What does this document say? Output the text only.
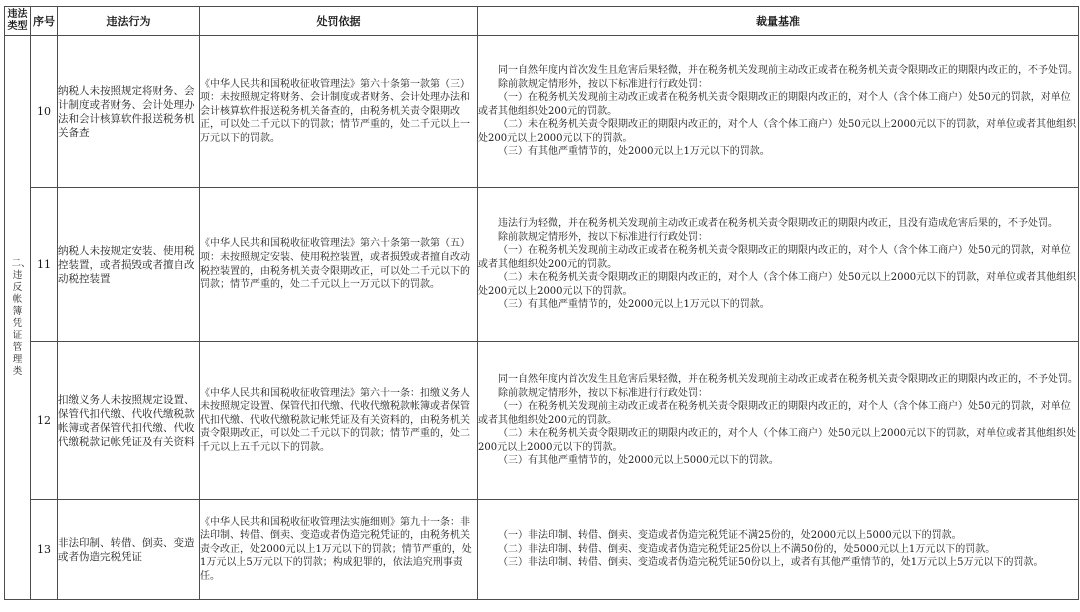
违法类型	序号	违法行为	处罚依据	裁量基准
二、违反帐簿凭证管理类	10	纳税人未按照规定将财务、会计制度或者财务、会计处理办法和会计核算软件报送税务机关备查	《中华人民共和国税收征收管理法》第六十条第一款第（三）项：未按照规定将财务、会计制度或者财务、会计处理办法和会计核算软件报送税务机关备查的，由税务机关责令限期改正，可以处二千元以下的罚款；情节严重的，处二千元以上一万元以下的罚款。	同一自然年度内首次发生且危害后果轻微，并在税务机关发现前主动改正或者在税务机关责令限期改正的期限内改正的，不予处罚。
除前款规定情形外，按以下标准进行行政处罚：
（一）在税务机关发现前主动改正或者在税务机关责令限期改正的期限内改正的，对个人（含个体工商户）处50元的罚款，对单位或者其他组织处200元的罚款。
（二）未在税务机关责令限期改正的期限内改正的，对个人（含个体工商户）处50元以上2000元以下的罚款，对单位或者其他组织处200元以上2000元以下的罚款。
（三）有其他严重情节的，处2000元以上1万元以下的罚款。

	11	纳税人未按规定安装、使用税控装置，或者损毁或者擅自改动税控装置	《中华人民共和国税收征收管理法》第六十条第一款第（五）项：未按照规定安装、使用税控装置，或者损毁或者擅自改动税控装置的，由税务机关责令限期改正，可以处二千元以下的罚款；情节严重的，处二千元以上一万元以下的罚款。	违法行为轻微，并在税务机关发现前主动改正或者在税务机关责令限期改正的期限内改正，且没有造成危害后果的，不予处罚。
除前款规定情形外，按以下标准进行行政处罚：
（一）在税务机关发现前主动改正或者在税务机关责令限期改正的期限内改正的，对个人（含个体工商户）处50元的罚款，对单位或者其他组织处200元的罚款。
（二）未在税务机关责令限期改正的期限内改正的，对个人（含个体工商户）处50元以上2000元以下的罚款，对单位或者其他组织处200元以上2000元以下的罚款。
（三）有其他严重情节的，处2000元以上1万元以下的罚款。

	12	扣缴义务人未按照规定设置、保管代扣代缴、代收代缴税款帐簿或者保管代扣代缴、代收代缴税款记帐凭证及有关资料	《中华人民共和国税收征收管理法》第六十一条：扣缴义务人未按照规定设置、保管代扣代缴、代收代缴税款帐簿或者保管代扣代缴、代收代缴税款记帐凭证及有关资料的，由税务机关责令限期改正，可以处二千元以下的罚款；情节严重的，处二千元以上五千元以下的罚款。	同一自然年度内首次发生且危害后果轻微，并在税务机关发现前主动改正或者在税务机关责令限期改正的期限内改正的，不予处罚。
除前款规定情形外，按以下标准进行行政处罚：
（一）在税务机关发现前主动改正或者在税务机关责令限期改正的期限内改正的，对个人（含个体工商户）处50元的罚款，对单位或者其他组织处200元的罚款。
（二）未在税务机关责令限期改正的期限内改正的，对个人（个体工商户）处50元以上2000元以下的罚款，对单位或者其他组织处200元以上2000元以下的罚款。
（三）有其他严重情节的，处2000元以上5000元以下的罚款。

	13	非法印制、转借、倒卖、变造或者伪造完税凭证	《中华人民共和国税收征收管理法实施细则》第九十一条：非法印制、转借、倒卖、变造或者伪造完税凭证的，由税务机关责令改正，处2000元以上1万元以下的罚款；情节严重的，处1万元以上5万元以下的罚款；构成犯罪的，依法追究刑事责任。	（一）非法印制、转借、倒卖、变造或者伪造完税凭证不满25份的，处2000元以上5000元以下的罚款。
（二）非法印制、转借、倒卖、变造或者伪造完税凭证25份以上不满50份的，处5000元以上1万元以下的罚款。
（三）非法印制、转借、倒卖、变造或者伪造完税凭证50份以上，或者有其他严重情节的，处1万元以上5万元以下的罚款。
